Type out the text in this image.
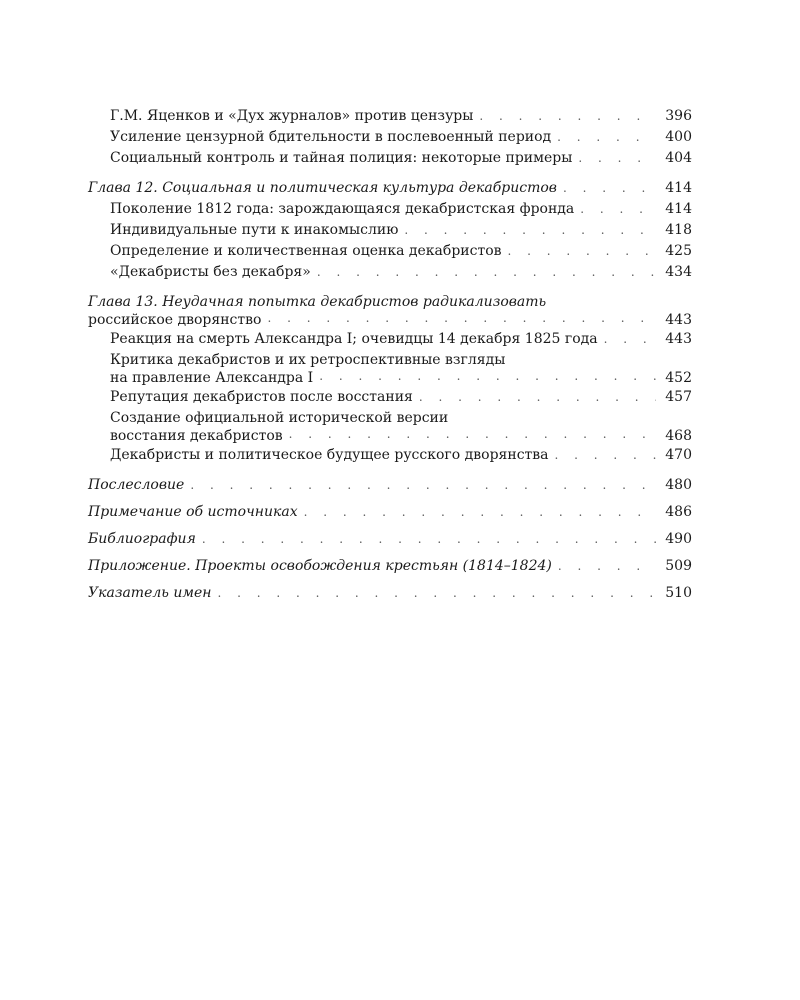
Г.М. Яценков и «Дух журналов» против цензуры . . .	396
Усиление цензурной бдительности в послевоенный период . . .	400
Социальный контроль и тайная полиция: некоторые примеры . . .	404
Глава 12. Социальная и политическая культура декабристов . . .	414
Поколение 1812 года: зарождающаяся декабристская фронда . . .	414
Индивидуальные пути к инакомыслию . . .	418
Определение и количественная оценка декабристов . . .	425
«Декабристы без декабря» . . .	434
Глава 13. Неудачная попытка декабристов радикализовать
российское дворянство . . .	443
Реакция на смерть Александра I; очевидцы 14 декабря 1825 года . . .	443
Критика декабристов и их ретроспективные взгляды
на правление Александра I . . .	452
Репутация декабристов после восстания . . .	457
Создание официальной исторической версии
восстания декабристов . . .	468
Декабристы и политическое будущее русского дворянства . . .	470
Послесловие . . .	480
Примечание об источниках . . .	486
Библиография . . .	490
Приложение. Проекты освобождения крестьян (1814–1824) . . .	509
Указатель имен . . .	510
